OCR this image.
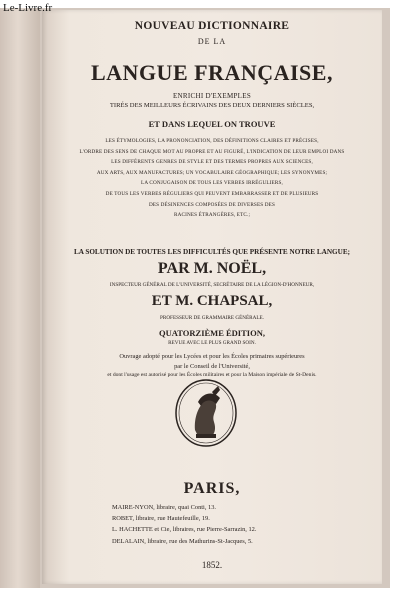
Le-Livre.fr
NOUVEAU DICTIONNAIRE
DE LA
LANGUE FRANÇAISE,
ENRICHI D'EXEMPLES
TIRÉS DES MEILLEURS ÉCRIVAINS DES DEUX DERNIERS SIÈCLES,
ET DANS LEQUEL ON TROUVE
LES ÉTYMOLOGIES, LA PRONONCIATION, DES DÉFINITIONS CLAIRES ET PRÉCISES,
L'ORDRE DES SENS DE CHAQUE MOT AU PROPRE ET AU FIGURÉ, L'INDICATION DE LEUR EMPLOI DANS
LES DIFFÉRENTS GENRES DE STYLE ET DES TERMES PROPRES AUX SCIENCES,
AUX ARTS, AUX MANUFACTURES; UN VOCABULAIRE GÉOGRAPHIQUE; LES SYNONYMES;
LA CONJUGAISON DE TOUS LES VERBES IRRÉGULIERS,
DE TOUS LES VERBES RÉGULIERS QUI PEUVENT EMBARRASSER ET DE PLUSIEURS
DES DÉSINENCES COMPOSÉES DE DIVERSES DES
RACINES ÉTRANGÈRES, ETC.;
LA SOLUTION DE TOUTES LES DIFFICULTÉS QUE PRÉSENTE NOTRE LANGUE;
PAR M. NOËL,
INSPECTEUR GÉNÉRAL DE L'UNIVERSITÉ, SECRÉTAIRE DE LA LÉGION-D'HONNEUR,
ET M. CHAPSAL,
PROFESSEUR DE GRAMMAIRE GÉNÉRALE.
QUATORZIÈME ÉDITION,
REVUE AVEC LE PLUS GRAND SOIN.
Ouvrage adopté pour les Lycées et pour les Écoles primaires supérieures
par le Conseil de l'Université,
et dont l'usage est autorisé pour les Écoles militaires et pour la Maison impériale de St-Denis.
PARIS,
MAIRE-NYON, libraire, quai Conti, 13.
ROBET, libraire, rue Hautefeuille, 19.
L. HACHETTE et Cie, libraires, rue Pierre-Sarrazin, 12.
DELALAIN, libraire, rue des Mathurins-St-Jacques, 5.
1852.
